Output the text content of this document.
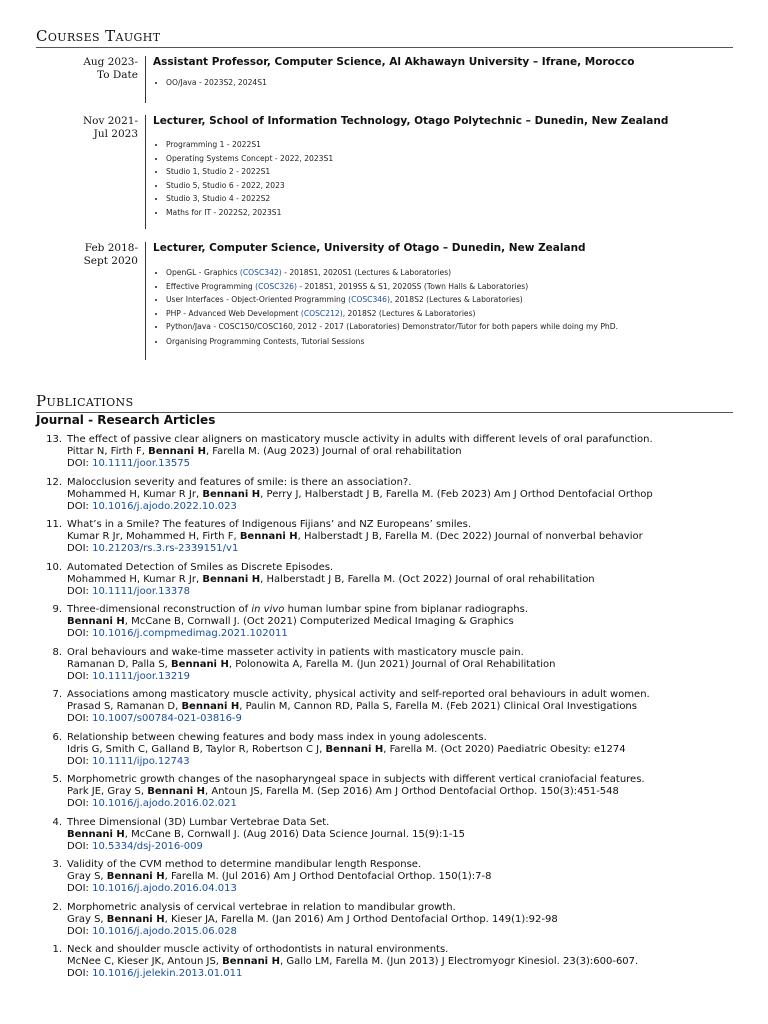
Courses Taught
Aug 2023-
To Date
Assistant Professor, Computer Science, Al Akhawayn University – Ifrane, Morocco
• OO/Java - 2023S2, 2024S1
Nov 2021-
Jul 2023
Lecturer, School of Information Technology, Otago Polytechnic – Dunedin, New Zealand
• Programming 1 - 2022S1
• Operating Systems Concept - 2022, 2023S1
• Studio 1, Studio 2 - 2022S1
• Studio 5, Studio 6 - 2022, 2023
• Studio 3, Studio 4 - 2022S2
• Maths for IT - 2022S2, 2023S1
Feb 2018-
Sept 2020
Lecturer, Computer Science, University of Otago – Dunedin, New Zealand
• OpenGL - Graphics (COSC342) - 2018S1, 2020S1 (Lectures & Laboratories)
• Effective Programming (COSC326) - 2018S1, 2019SS & S1, 2020SS (Town Halls & Laboratories)
• User Interfaces - Object-Oriented Programming (COSC346), 2018S2 (Lectures & Laboratories)
• PHP - Advanced Web Development (COSC212), 2018S2 (Lectures & Laboratories)
• Python/Java - COSC150/COSC160, 2012 - 2017 (Laboratories) Demonstrator/Tutor for both papers while doing my PhD.
• Organising Programming Contests, Tutorial Sessions
Publications
Journal - Research Articles
13. The effect of passive clear aligners on masticatory muscle activity in adults with different levels of oral parafunction.
Pittar N, Firth F, Bennani H, Farella M. (Aug 2023) Journal of oral rehabilitation
DOI: 10.1111/joor.13575
12. Malocclusion severity and features of smile: is there an association?.
Mohammed H, Kumar R Jr, Bennani H, Perry J, Halberstadt J B, Farella M. (Feb 2023) Am J Orthod Dentofacial Orthop
DOI: 10.1016/j.ajodo.2022.10.023
11. What’s in a Smile? The features of Indigenous Fijians’ and NZ Europeans’ smiles.
Kumar R Jr, Mohammed H, Firth F, Bennani H, Halberstadt J B, Farella M. (Dec 2022) Journal of nonverbal behavior
DOI: 10.21203/rs.3.rs-2339151/v1
10. Automated Detection of Smiles as Discrete Episodes.
Mohammed H, Kumar R Jr, Bennani H, Halberstadt J B, Farella M. (Oct 2022) Journal of oral rehabilitation
DOI: 10.1111/joor.13378
9. Three-dimensional reconstruction of in vivo human lumbar spine from biplanar radiographs.
Bennani H, McCane B, Cornwall J. (Oct 2021) Computerized Medical Imaging & Graphics
DOI: 10.1016/j.compmedimag.2021.102011
8. Oral behaviours and wake-time masseter activity in patients with masticatory muscle pain.
Ramanan D, Palla S, Bennani H, Polonowita A, Farella M. (Jun 2021) Journal of Oral Rehabilitation
DOI: 10.1111/joor.13219
7. Associations among masticatory muscle activity, physical activity and self-reported oral behaviours in adult women.
Prasad S, Ramanan D, Bennani H, Paulin M, Cannon RD, Palla S, Farella M. (Feb 2021) Clinical Oral Investigations
DOI: 10.1007/s00784-021-03816-9
6. Relationship between chewing features and body mass index in young adolescents.
Idris G, Smith C, Galland B, Taylor R, Robertson C J, Bennani H, Farella M. (Oct 2020) Paediatric Obesity: e1274
DOI: 10.1111/ijpo.12743
5. Morphometric growth changes of the nasopharyngeal space in subjects with different vertical craniofacial features.
Park JE, Gray S, Bennani H, Antoun JS, Farella M. (Sep 2016) Am J Orthod Dentofacial Orthop. 150(3):451-548
DOI: 10.1016/j.ajodo.2016.02.021
4. Three Dimensional (3D) Lumbar Vertebrae Data Set.
Bennani H, McCane B, Cornwall J. (Aug 2016) Data Science Journal. 15(9):1-15
DOI: 10.5334/dsj-2016-009
3. Validity of the CVM method to determine mandibular length Response.
Gray S, Bennani H, Farella M. (Jul 2016) Am J Orthod Dentofacial Orthop. 150(1):7-8
DOI: 10.1016/j.ajodo.2016.04.013
2. Morphometric analysis of cervical vertebrae in relation to mandibular growth.
Gray S, Bennani H, Kieser JA, Farella M. (Jan 2016) Am J Orthod Dentofacial Orthop. 149(1):92-98
DOI: 10.1016/j.ajodo.2015.06.028
1. Neck and shoulder muscle activity of orthodontists in natural environments.
McNee C, Kieser JK, Antoun JS, Bennani H, Gallo LM, Farella M. (Jun 2013) J Electromyogr Kinesiol. 23(3):600-607.
DOI: 10.1016/j.jelekin.2013.01.011
